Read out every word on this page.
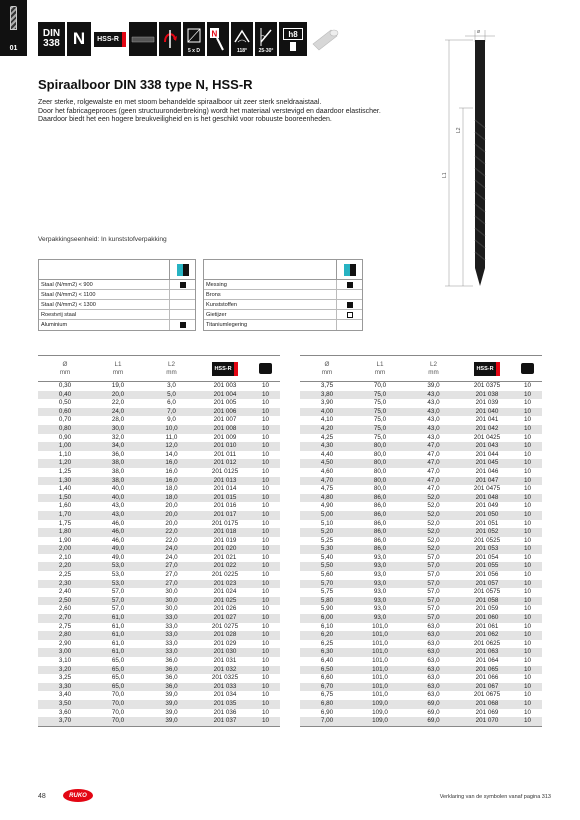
01
DIN
338 N	HSS-R
5 x D
N
118°	25-30°
h8
Spiraalboor DIN 338 type N, HSS-R

Zeer sterke, rolgewalste en met stoom behandelde spiraalboor uit zeer sterk sneldraaistaal.

Door het fabricageproces (geen structuuronderbreking) wordt het materiaal verstevigd en daardoor elastischer. Daardoor biedt het een hogere breukveiligheid en is het geschikt voor robuuste booreenheden.

ø
L1
L2
Verpakkingseenheid: In kunststofverpakking
Staal (N/mm2) < 900
Staal (N/mm2) < 1100
Staal (N/mm2) < 1300
Roestvrij staal
Aluminium
Messing
Brons
Kunststoffen
Gietijzer
Titaniumlegering
Ø
mm	L1
mm	L2
mm	HSS-R	
0,30	19,0	3,0	201 003	10
0,40	20,0	5,0	201 004	10
0,50	22,0	6,0	201 005	10
0,60	24,0	7,0	201 006	10
0,70	28,0	9,0	201 007	10
0,80	30,0	10,0	201 008	10
0,90	32,0	11,0	201 009	10
1,00	34,0	12,0	201 010	10
1,10	36,0	14,0	201 011	10
1,20	38,0	16,0	201 012	10
1,25	38,0	16,0	201 0125	10
1,30	38,0	16,0	201 013	10
1,40	40,0	18,0	201 014	10
1,50	40,0	18,0	201 015	10
1,60	43,0	20,0	201 016	10
1,70	43,0	20,0	201 017	10
1,75	46,0	20,0	201 0175	10
1,80	46,0	22,0	201 018	10
1,90	46,0	22,0	201 019	10
2,00	49,0	24,0	201 020	10
2,10	49,0	24,0	201 021	10
2,20	53,0	27,0	201 022	10
2,25	53,0	27,0	201 0225	10
2,30	53,0	27,0	201 023	10
2,40	57,0	30,0	201 024	10
2,50	57,0	30,0	201 025	10
2,60	57,0	30,0	201 026	10
2,70	61,0	33,0	201 027	10
2,75	61,0	33,0	201 0275	10
2,80	61,0	33,0	201 028	10
2,90	61,0	33,0	201 029	10
3,00	61,0	33,0	201 030	10
3,10	65,0	36,0	201 031	10
3,20	65,0	36,0	201 032	10
3,25	65,0	36,0	201 0325	10
3,30	65,0	36,0	201 033	10
3,40	70,0	39,0	201 034	10
3,50	70,0	39,0	201 035	10
3,60	70,0	39,0	201 036	10
3,70	70,0	39,0	201 037	10
Ø
mm	L1
mm	L2
mm	HSS-R	
3,75	70,0	39,0	201 0375	10
3,80	75,0	43,0	201 038	10
3,90	75,0	43,0	201 039	10
4,00	75,0	43,0	201 040	10
4,10	75,0	43,0	201 041	10
4,20	75,0	43,0	201 042	10
4,25	75,0	43,0	201 0425	10
4,30	80,0	47,0	201 043	10
4,40	80,0	47,0	201 044	10
4,50	80,0	47,0	201 045	10
4,60	80,0	47,0	201 046	10
4,70	80,0	47,0	201 047	10
4,75	80,0	47,0	201 0475	10
4,80	86,0	52,0	201 048	10
4,90	86,0	52,0	201 049	10
5,00	86,0	52,0	201 050	10
5,10	86,0	52,0	201 051	10
5,20	86,0	52,0	201 052	10
5,25	86,0	52,0	201 0525	10
5,30	86,0	52,0	201 053	10
5,40	93,0	57,0	201 054	10
5,50	93,0	57,0	201 055	10
5,60	93,0	57,0	201 056	10
5,70	93,0	57,0	201 057	10
5,75	93,0	57,0	201 0575	10
5,80	93,0	57,0	201 058	10
5,90	93,0	57,0	201 059	10
6,00	93,0	57,0	201 060	10
6,10	101,0	63,0	201 061	10
6,20	101,0	63,0	201 062	10
6,25	101,0	63,0	201 0625	10
6,30	101,0	63,0	201 063	10
6,40	101,0	63,0	201 064	10
6,50	101,0	63,0	201 065	10
6,60	101,0	63,0	201 066	10
6,70	101,0	63,0	201 067	10
6,75	101,0	63,0	201 0675	10
6,80	109,0	69,0	201 068	10
6,90	109,0	69,0	201 069	10
7,00	109,0	69,0	201 070	10
48	RUKO	Verklaring van de symbolen vanaf pagina 313
